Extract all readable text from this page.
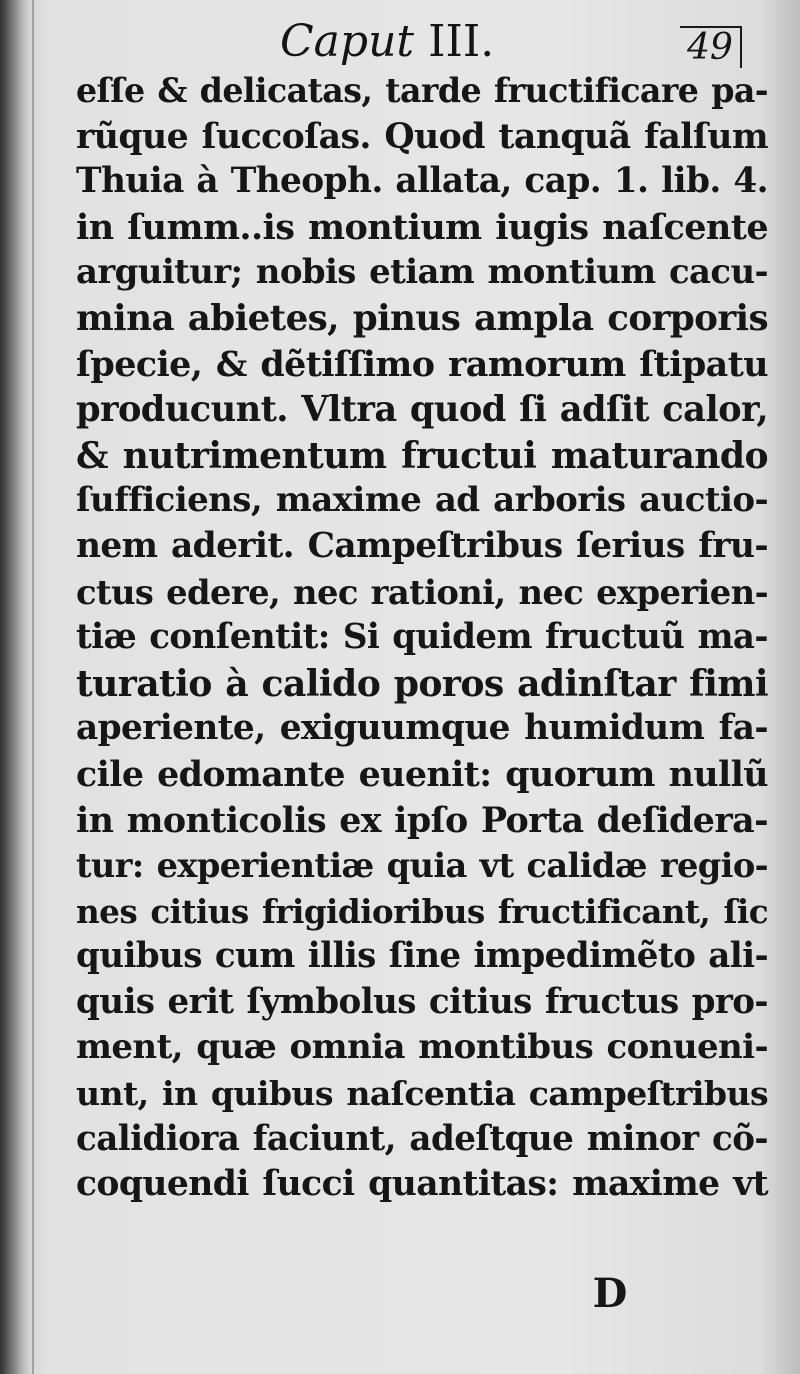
Caput III.	49
eſſe & delicatas, tarde fructificare pa-
rũque ſuccoſas. Quod tanquã falſum
Thuia à Theoph. allata, cap. 1. lib. 4.
in ſumm..is montium iugis naſcente
arguitur; nobis etiam montium cacu-
mina abietes, pinus ampla corporis
ſpecie, & dẽtiſſimo ramorum ſtipatu
producunt. Vltra quod ſi adſit calor,
& nutrimentum fructui maturando
ſufficiens, maxime ad arboris auctio-
nem aderit. Campeſtribus ſerius fru-
ctus edere, nec rationi, nec experien-
tiæ conſentit: Si quidem fructuũ ma-
turatio à calido poros adinſtar fimi
aperiente, exiguumque humidum fa-
cile edomante euenit: quorum nullũ
in monticolis ex ipſo Porta deſidera-
tur: experientiæ quia vt calidæ regio-
nes citius frigidioribus fructificant, ſic
quibus cum illis ſine impedimẽto ali-
quis erit ſymbolus citius fructus pro-
ment, quæ omnia montibus conueni-
unt, in quibus naſcentia campeſtribus
calidiora faciunt, adeſtque minor cõ-
coquendi ſucci quantitas: maxime vt
D
